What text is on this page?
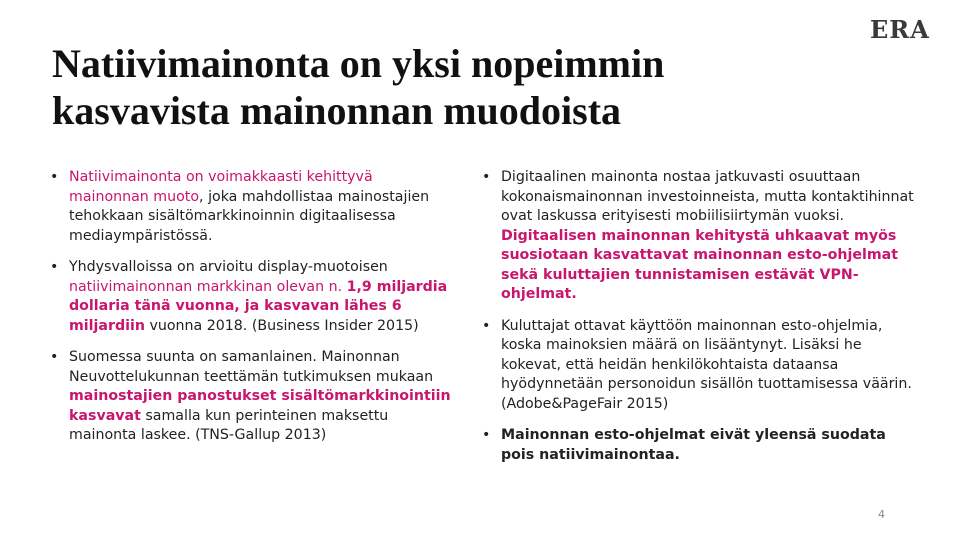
ERA
Natiivimainonta on yksi nopeimmin kasvavista mainonnan muodoista
• Natiivimainonta on voimakkaasti kehittyvä mainonnan muoto, joka mahdollistaa mainostajien tehokkaan sisältömarkkinoinnin digitaalisessa mediaympäristössä.
• Yhdysvalloissa on arvioitu display-muotoisen natiivimainonnan markkinan olevan n. 1,9 miljardia dollaria tänä vuonna, ja kasvavan lähes 6 miljardiin vuonna 2018. (Business Insider 2015)
• Suomessa suunta on samanlainen. Mainonnan Neuvottelukunnan teettämän tutkimuksen mukaan mainostajien panostukset sisältömarkkinointiin kasvavat samalla kun perinteinen maksettu mainonta laskee. (TNS-Gallup 2013)
• Digitaalinen mainonta nostaa jatkuvasti osuuttaan kokonaismainonnan investoinneista, mutta kontaktihinnat ovat laskussa erityisesti mobiilisiirtymän vuoksi. Digitaalisen mainonnan kehitystä uhkaavat myös suosiotaan kasvattavat mainonnan esto-ohjelmat sekä kuluttajien tunnistamisen estävät VPN-ohjelmat.
• Kuluttajat ottavat käyttöön mainonnan esto-ohjelmia, koska mainoksien määrä on lisääntynyt. Lisäksi he kokevat, että heidän henkilökohtaista dataansa hyödynnetään personoidun sisällön tuottamisessa väärin. (Adobe&PageFair 2015)
• Mainonnan esto-ohjelmat eivät yleensä suodata pois natiivimainontaa.
4
